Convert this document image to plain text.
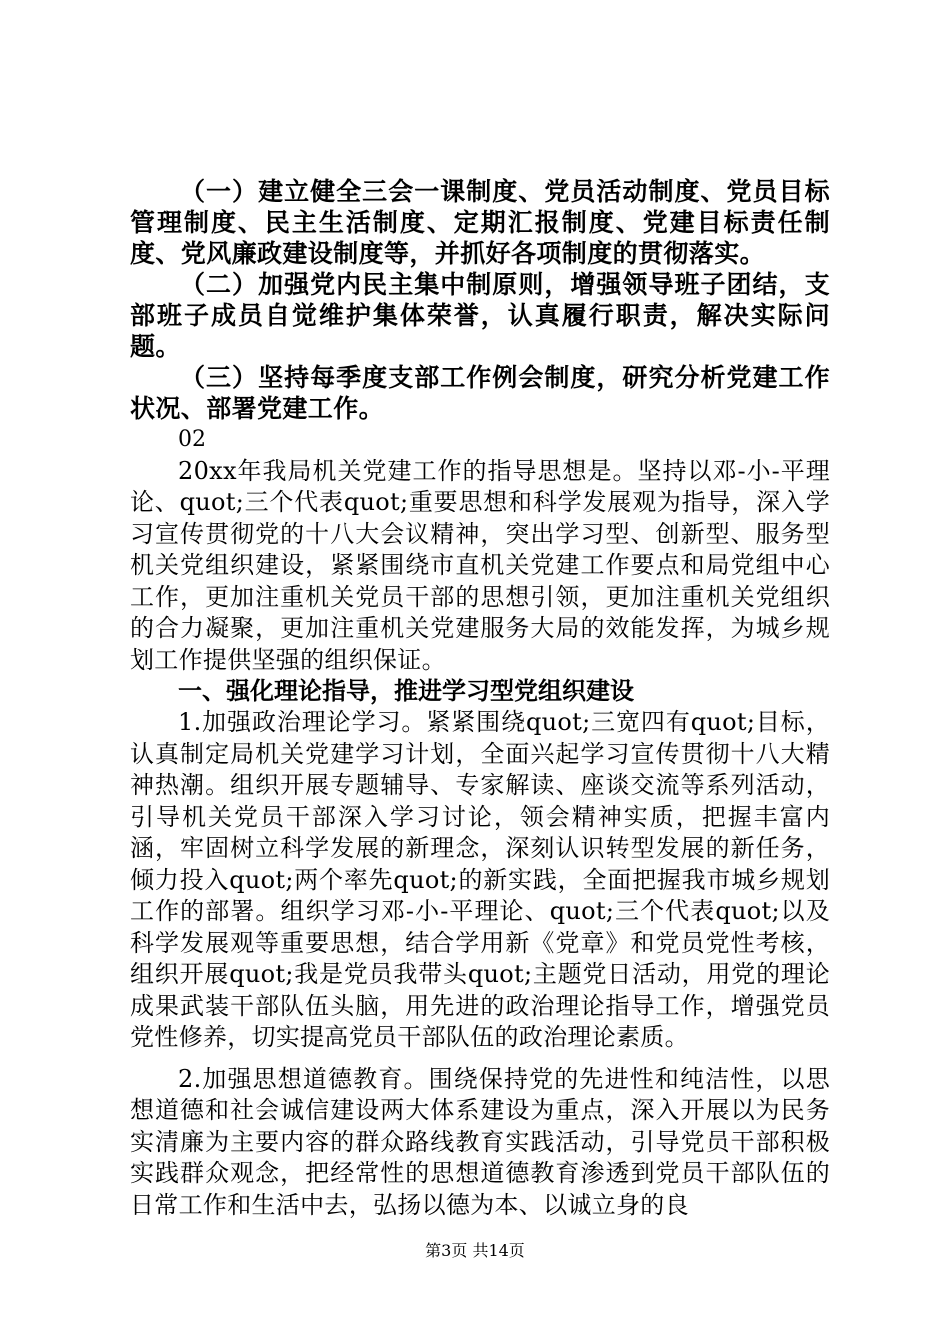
（一）建立健全三会一课制度、党员活动制度、党员目标管理制度、民主生活制度、定期汇报制度、党建目标责任制度、党风廉政建设制度等，并抓好各项制度的贯彻落实。

（二）加强党内民主集中制原则，增强领导班子团结，支部班子成员自觉维护集体荣誉，认真履行职责，解决实际问题。

（三）坚持每季度支部工作例会制度，研究分析党建工作状况、部署党建工作。

02

20xx年我局机关党建工作的指导思想是。坚持以邓-小-平理论、quot;三个代表quot;重要思想和科学发展观为指导，深入学习宣传贯彻党的十八大会议精神，突出学习型、创新型、服务型机关党组织建设，紧紧围绕市直机关党建工作要点和局党组中心工作，更加注重机关党员干部的思想引领，更加注重机关党组织的合力凝聚，更加注重机关党建服务大局的效能发挥，为城乡规划工作提供坚强的组织保证。

一、强化理论指导，推进学习型党组织建设

1.加强政治理论学习。紧紧围绕quot;三宽四有quot;目标，认真制定局机关党建学习计划，全面兴起学习宣传贯彻十八大精神热潮。组织开展专题辅导、专家解读、座谈交流等系列活动，引导机关党员干部深入学习讨论，领会精神实质，把握丰富内涵，牢固树立科学发展的新理念，深刻认识转型发展的新任务，倾力投入quot;两个率先quot;的新实践，全面把握我市城乡规划工作的部署。组织学习邓-小-平理论、quot;三个代表quot;以及科学发展观等重要思想，结合学用新《党章》和党员党性考核，组织开展quot;我是党员我带头quot;主题党日活动，用党的理论成果武装干部队伍头脑，用先进的政治理论指导工作，增强党员党性修养，切实提高党员干部队伍的政治理论素质。

2.加强思想道德教育。围绕保持党的先进性和纯洁性，以思想道德和社会诚信建设两大体系建设为重点，深入开展以为民务实清廉为主要内容的群众路线教育实践活动，引导党员干部积极实践群众观念，把经常性的思想道德教育渗透到党员干部队伍的日常工作和生活中去，弘扬以德为本、以诚立身的良

第3页 共14页
